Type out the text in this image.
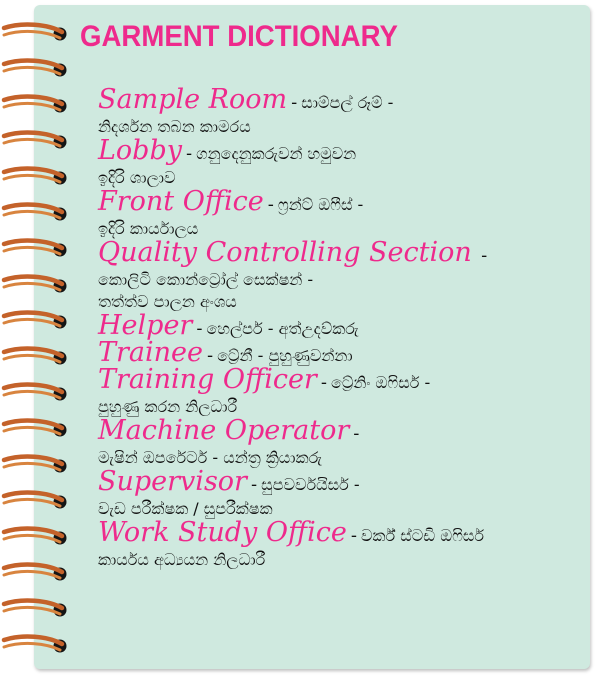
GARMENT DICTIONARY
Sample Room - සාම්පල් රූම් -
නිදර්ශන තබන කාමරය
Lobby - ගනුදෙනුකරුවන් හමුවන
ඉදිරි ශාලාව
Front Office - ෆ්‍රන්ට් ඔෆීස් -
ඉදිරි කාර්යාලය
Quality Controlling Section -
කොලිටි කොන්ට්‍රෝල් සෙක්ෂන් -
තත්ත්ව පාලන අංශය
Helper - හෙල්පර් - අත්උදව්කරු
Trainee - ට්‍රේනී - පුහුණුවන්නා
Training Officer - ට්‍රේනිං ඔෆිසර් -
පුහුණු කරන නිලධාරී
Machine Operator -
මැෂින් ඔපරේටර් - යන්ත්‍ර ක්‍රියාකරු
Supervisor - සුපවර්වයිසර් -
වැඩ පරීක්ෂක / සුපරීක්ෂක
Work Study Office - වර්ක් ස්ටඩි ඔෆිසර්
කාර්යය අධ්‍යයන නිලධාරී
